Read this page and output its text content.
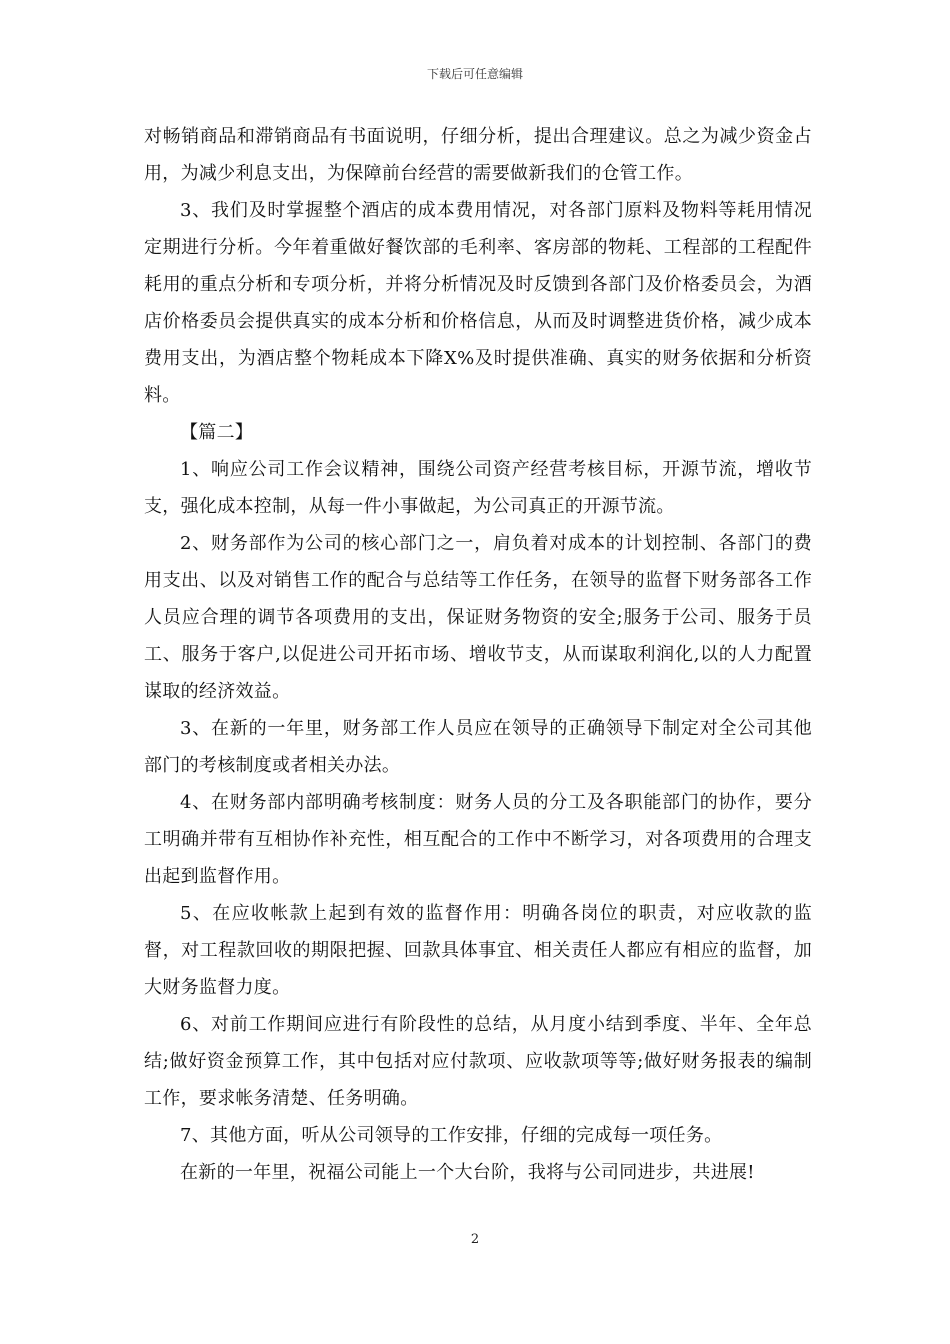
下载后可任意编辑

对畅销商品和滞销商品有书面说明，仔细分析，提出合理建议。总之为减少资金占用，为减少利息支出，为保障前台经营的需要做新我们的仓管工作。

3、我们及时掌握整个酒店的成本费用情况，对各部门原料及物料等耗用情况定期进行分析。今年着重做好餐饮部的毛利率、客房部的物耗、工程部的工程配件耗用的重点分析和专项分析，并将分析情况及时反馈到各部门及价格委员会，为酒店价格委员会提供真实的成本分析和价格信息，从而及时调整进货价格，减少成本费用支出，为酒店整个物耗成本下降X%及时提供准确、真实的财务依据和分析资料。

【篇二】

1、响应公司工作会议精神，围绕公司资产经营考核目标，开源节流，增收节支，强化成本控制，从每一件小事做起，为公司真正的开源节流。

2、财务部作为公司的核心部门之一，肩负着对成本的计划控制、各部门的费用支出、以及对销售工作的配合与总结等工作任务，在领导的监督下财务部各工作人员应合理的调节各项费用的支出，保证财务物资的安全;服务于公司、服务于员工、服务于客户,以促进公司开拓市场、增收节支，从而谋取利润化,以的人力配置谋取的经济效益。

3、在新的一年里，财务部工作人员应在领导的正确领导下制定对全公司其他部门的考核制度或者相关办法。

4、在财务部内部明确考核制度：财务人员的分工及各职能部门的协作，要分工明确并带有互相协作补充性，相互配合的工作中不断学习，对各项费用的合理支出起到监督作用。

5、在应收帐款上起到有效的监督作用：明确各岗位的职责，对应收款的监督，对工程款回收的期限把握、回款具体事宜、相关责任人都应有相应的监督，加大财务监督力度。

6、对前工作期间应进行有阶段性的总结，从月度小结到季度、半年、全年总结;做好资金预算工作，其中包括对应付款项、应收款项等等;做好财务报表的编制工作，要求帐务清楚、任务明确。

7、其他方面，听从公司领导的工作安排，仔细的完成每一项任务。

在新的一年里，祝福公司能上一个大台阶，我将与公司同进步，共进展!

2
